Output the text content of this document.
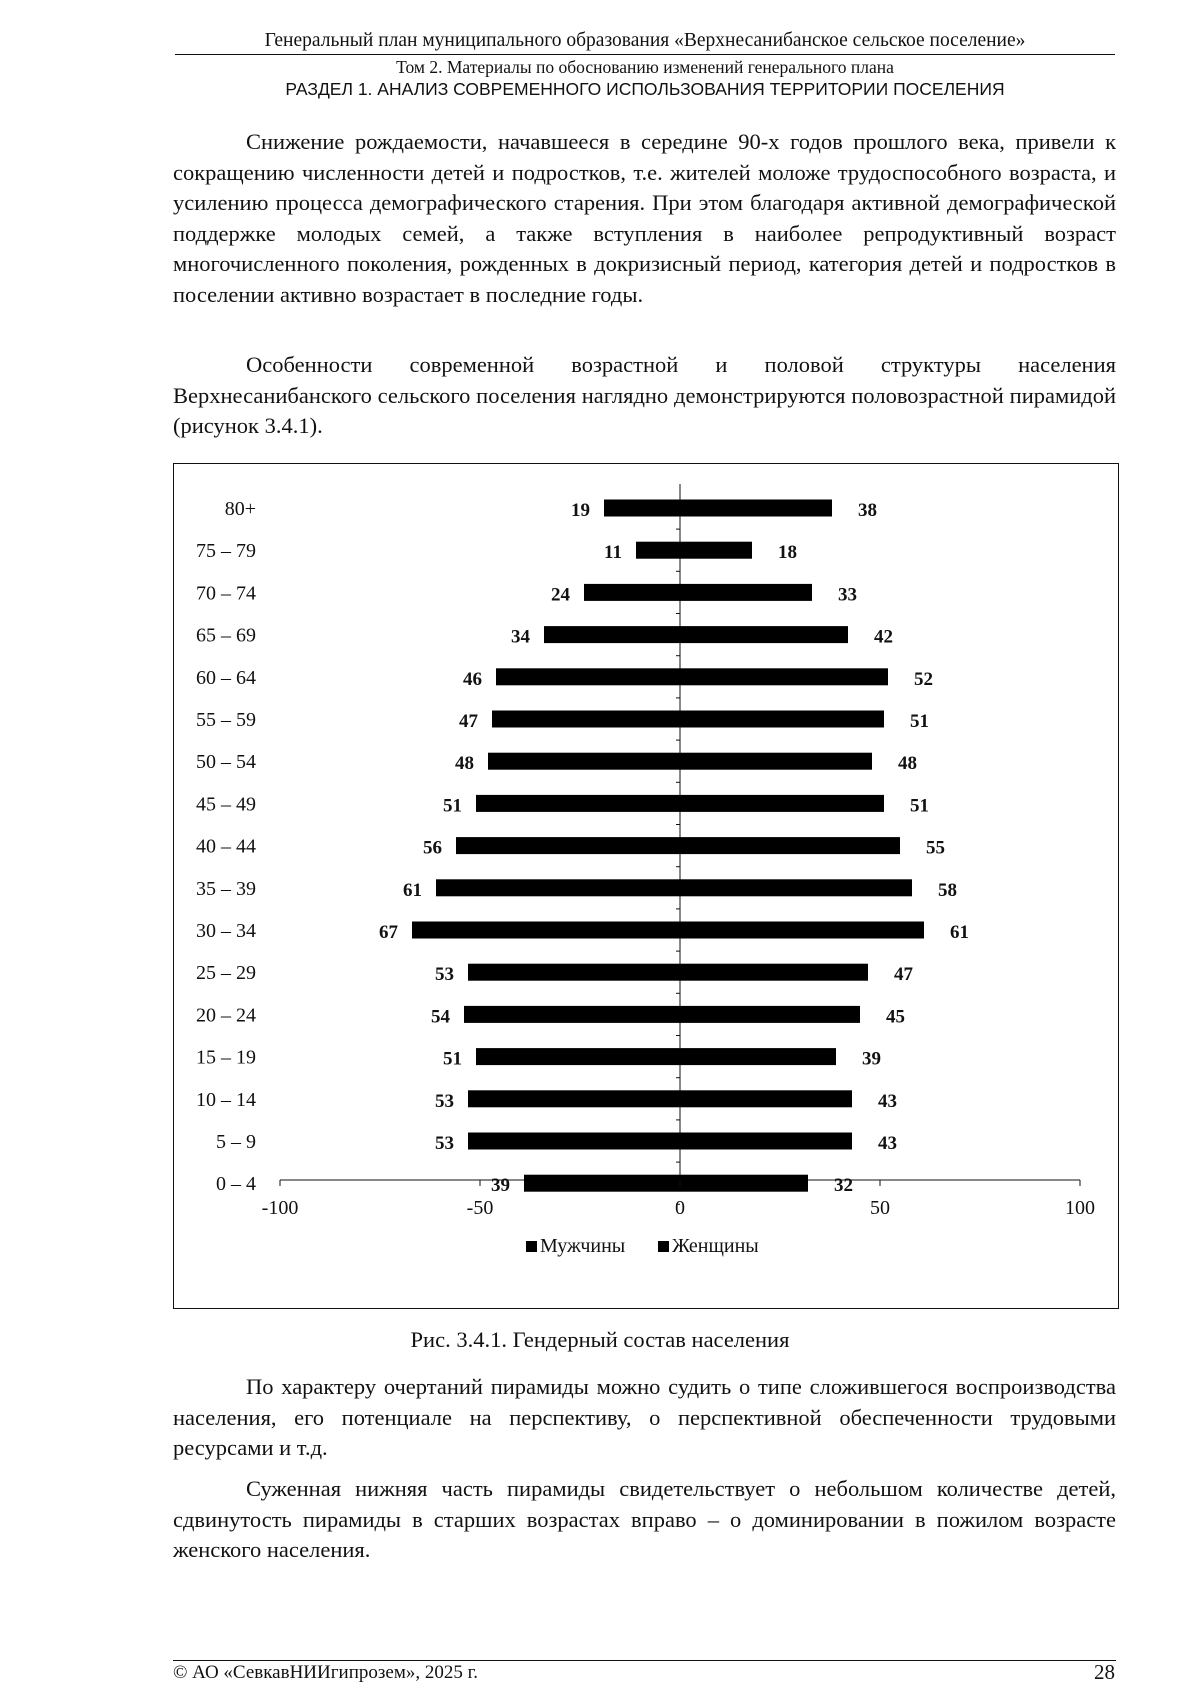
Генеральный план муниципального образования «Верхнесанибанское сельское поселение»
Том 2. Материалы по обоснованию изменений генерального плана
РАЗДЕЛ 1. АНАЛИЗ СОВРЕМЕННОГО ИСПОЛЬЗОВАНИЯ ТЕРРИТОРИИ ПОСЕЛЕНИЯ

Снижение рождаемости, начавшееся в середине 90-х годов прошлого века, привели к сокращению численности детей и подростков, т.е. жителей моложе трудоспособного возраста, и усилению процесса демографического старения. При этом благодаря активной демографической поддержке молодых семей, а также вступления в наиболее репродуктивный возраст многочисленного поколения, рожденных в докризисный период, категория детей и подростков в поселении активно возрастает в последние годы.

Особенности современной возрастной и половой структуры населения Верхнесанибанского сельского поселения наглядно демонстрируются половозрастной пирамидой (рисунок 3.4.1).

80+	19	38
75 – 79	11	18
70 – 74	24	33
65 – 69	34	42
60 – 64	46	52
55 – 59	47	51
50 – 54	48	48
45 – 49	51	51
40 – 44	56	55
35 – 39	61	58
30 – 34	67	61
25 – 29	53	47
20 – 24	54	45
15 – 19	51	39
10 – 14	53	43
5 – 9	53	43
0 – 4	39	32
-100	-50	0	50	100
Мужчины Женщины
Рис. 3.4.1. Гендерный состав населения

По характеру очертаний пирамиды можно судить о типе сложившегося воспроизводства населения, его потенциале на перспективу, о перспективной обеспеченности трудовыми ресурсами и т.д.

Суженная нижняя часть пирамиды свидетельствует о небольшом количестве детей, сдвинутость пирамиды в старших возрастах вправо – о доминировании в пожилом возрасте женского населения.

© АО «СевкавНИИгипрозем», 2025 г.	28
